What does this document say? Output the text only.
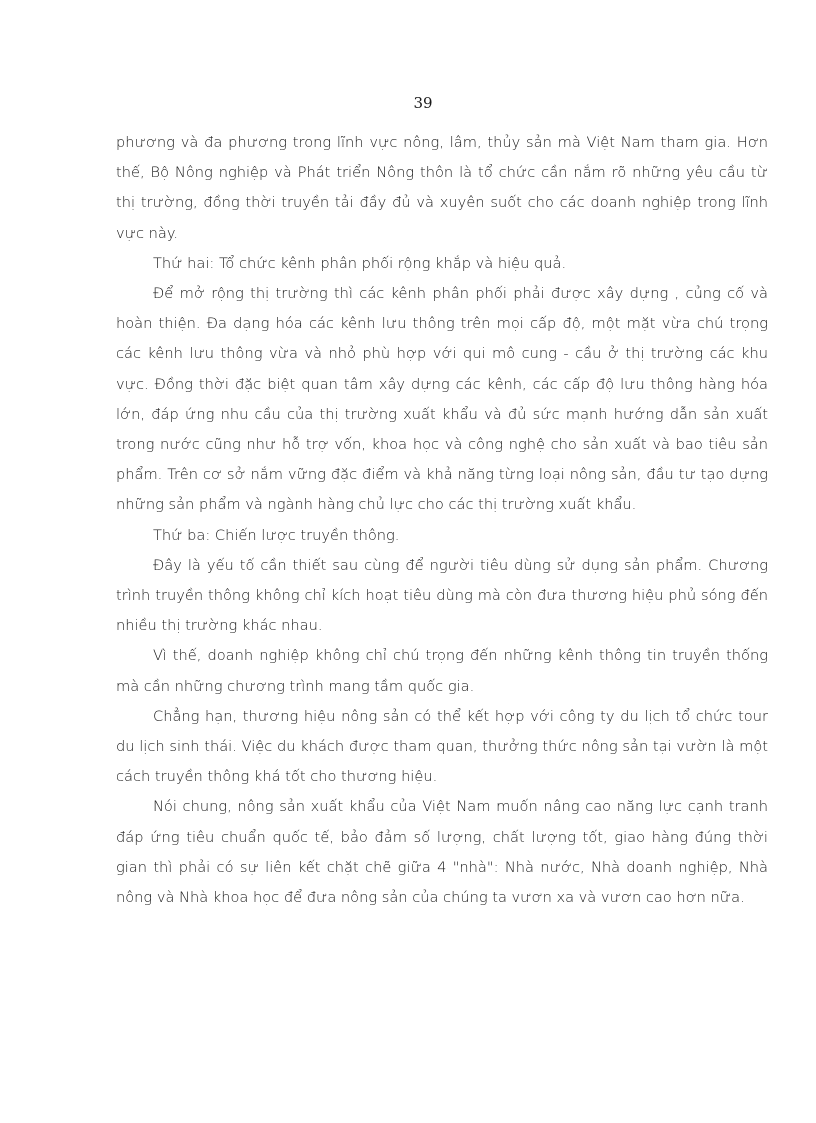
39

phương và đa phương trong lĩnh vực nông, lâm, thủy sản mà Việt Nam tham gia. Hơn thế, Bộ Nông nghiệp và Phát triển Nông thôn là tổ chức cần nắm rõ những yêu cầu từ thị trường, đồng thời truyền tải đầy đủ và xuyên suốt cho các doanh nghiệp trong lĩnh vực này.

Thứ hai: Tổ chức kênh phân phối rộng khắp và hiệu quả.

Để mở rộng thị trường thì các kênh phân phối phải được xây dựng , củng cố và hoàn thiện. Đa dạng hóa các kênh lưu thông trên mọi cấp độ, một mặt vừa chú trọng các kênh lưu thông vừa và nhỏ phù hợp với qui mô cung - cầu ở thị trường các khu vực. Đồng thời đặc biệt quan tâm xây dựng các kênh, các cấp độ lưu thông hàng hóa lớn, đáp ứng nhu cầu của thị trường xuất khẩu và đủ sức mạnh hướng dẫn sản xuất trong nước cũng như hỗ trợ vốn, khoa học và công nghệ cho sản xuất và bao tiêu sản phẩm. Trên cơ sở nắm vững đặc điểm và khả năng từng loại nông sản, đầu tư tạo dựng những sản phẩm và ngành hàng chủ lực cho các thị trường xuất khẩu.

Thứ ba: Chiến lược truyền thông.

Đây là yếu tố cần thiết sau cùng để người tiêu dùng sử dụng sản phẩm. Chương trình truyền thông không chỉ kích hoạt tiêu dùng mà còn đưa thương hiệu phủ sóng đến nhiều thị trường khác nhau.

Vì thế, doanh nghiệp không chỉ chú trọng đến những kênh thông tin truyền thống mà cần những chương trình mang tầm quốc gia.

Chẳng hạn, thương hiệu nông sản có thể kết hợp với công ty du lịch tổ chức tour du lịch sinh thái. Việc du khách được tham quan, thưởng thức nông sản tại vườn là một cách truyền thông khá tốt cho thương hiệu.

Nói chung, nông sản xuất khẩu của Việt Nam muốn nâng cao năng lực cạnh tranh đáp ứng tiêu chuẩn quốc tế, bảo đảm số lượng, chất lượng tốt, giao hàng đúng thời gian thì phải có sự liên kết chặt chẽ giữa 4 "nhà": Nhà nước, Nhà doanh nghiệp, Nhà nông và Nhà khoa học để đưa nông sản của chúng ta vươn xa và vươn cao hơn nữa.
